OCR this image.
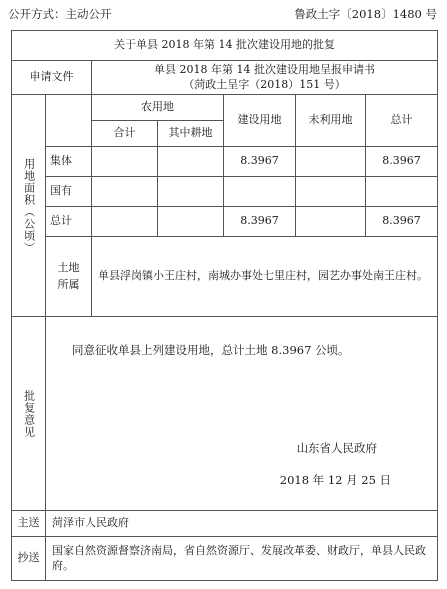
公开方式：主动公开	鲁政土字〔2018〕1480 号
关于单县 2018 年第 14 批次建设用地的批复						
申请文件		单县 2018 年第 14 批次建设用地呈报申请书
（菏政土呈字（2018）151 号）				

用地面积（公顷）		农用地		建设用地	未利用地	总计
		合计	其中耕地			
	集体			8.3967		8.3967
	国有					
	总计			8.3967		8.3967

	土地所属	单县浮岗镇小王庄村，南城办事处七里庄村，园艺办事处南王庄村。				

批复意见	同意征收单县上列建设用地，总计土地 8.3967 公顷。
山东省人民政府
2018 年 12 月 25 日					

主送	菏泽市人民政府					
抄送	国家自然资源督察济南局，省自然资源厅、发展改革委、财政厅，单县人民政府。					
